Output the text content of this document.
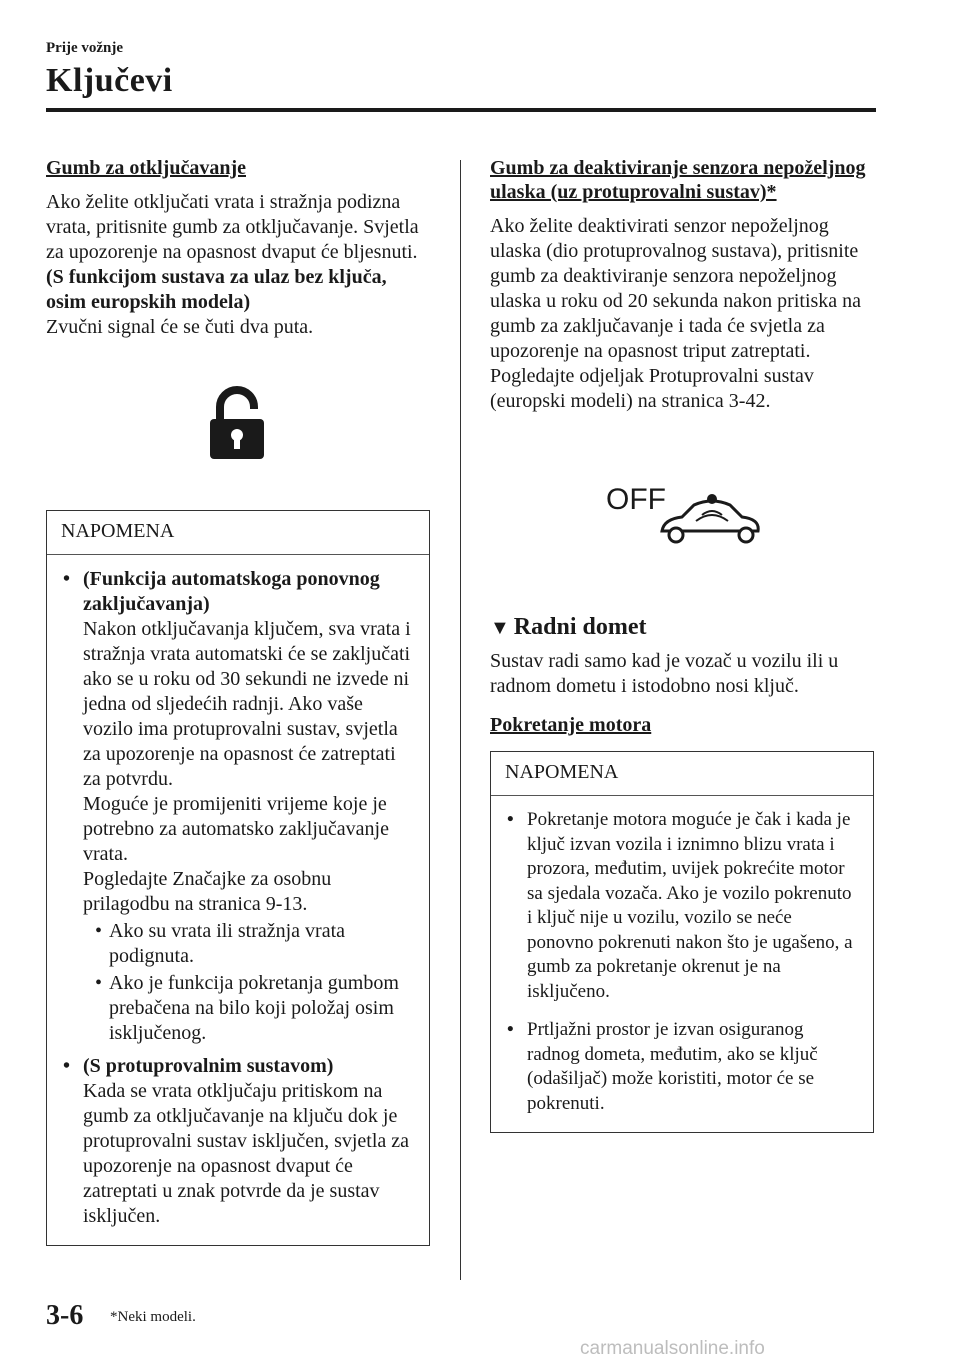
Prije vožnje
Ključevi
Gumb za otključavanje

Ako želite otključati vrata i stražnja podizna vrata, pritisnite gumb za otključavanje. Svjetla za upozorenje na opasnost dvaput će bljesnuti.

(S funkcijom sustava za ulaz bez ključa, osim europskih modela)

Zvučni signal će se čuti dva puta.

NAPOMENA
• (Funkcija automatskoga ponovnog zaključavanja)
Nakon otključavanja ključem, sva vrata i stražnja vrata automatski će se zaključati ako se u roku od 30 sekundi ne izvede ni jedna od sljedećih radnji. Ako vaše vozilo ima protuprovalni sustav, svjetla za upozorenje na opasnost će zatreptati za potvrdu.
Moguće je promijeniti vrijeme koje je potrebno za automatsko zaključavanje vrata.
Pogledajte Značajke za osobnu prilagodbu na stranica 9-13.
• Ako su vrata ili stražnja vrata podignuta.
• Ako je funkcija pokretanja gumbom prebačena na bilo koji položaj osim isključenog.
• (S protuprovalnim sustavom)
Kada se vrata otključaju pritiskom na gumb za otključavanje na ključu dok je protuprovalni sustav isključen, svjetla za upozorenje na opasnost dvaput će zatreptati u znak potvrde da je sustav isključen.
Gumb za deaktiviranje senzora nepoželjnog ulaska (uz protuprovalni sustav)*

Ako želite deaktivirati senzor nepoželjnog ulaska (dio protuprovalnog sustava), pritisnite gumb za deaktiviranje senzora nepoželjnog ulaska u roku od 20 sekunda nakon pritiska na gumb za zaključavanje i tada će svjetla za upozorenje na opasnost triput zatreptati. Pogledajte odjeljak Protuprovalni sustav (europski modeli) na stranica 3-42.

OFF
▼ Radni domet

Sustav radi samo kad je vozač u vozilu ili u radnom dometu i istodobno nosi ključ.

Pokretanje motora
NAPOMENA
• Pokretanje motora moguće je čak i kada je ključ izvan vozila i iznimno blizu vrata i prozora, međutim, uvijek pokrećite motor sa sjedala vozača. Ako je vozilo pokrenuto i ključ nije u vozilu, vozilo se neće ponovno pokrenuti nakon što je ugašeno, a gumb za pokretanje okrenut je na isključeno.
• Prtljažni prostor je izvan osiguranog radnog dometa, međutim, ako se ključ (odašiljač) može koristiti, motor će se pokrenuti.
3-6 *Neki modeli.
carmanualsonline.info
